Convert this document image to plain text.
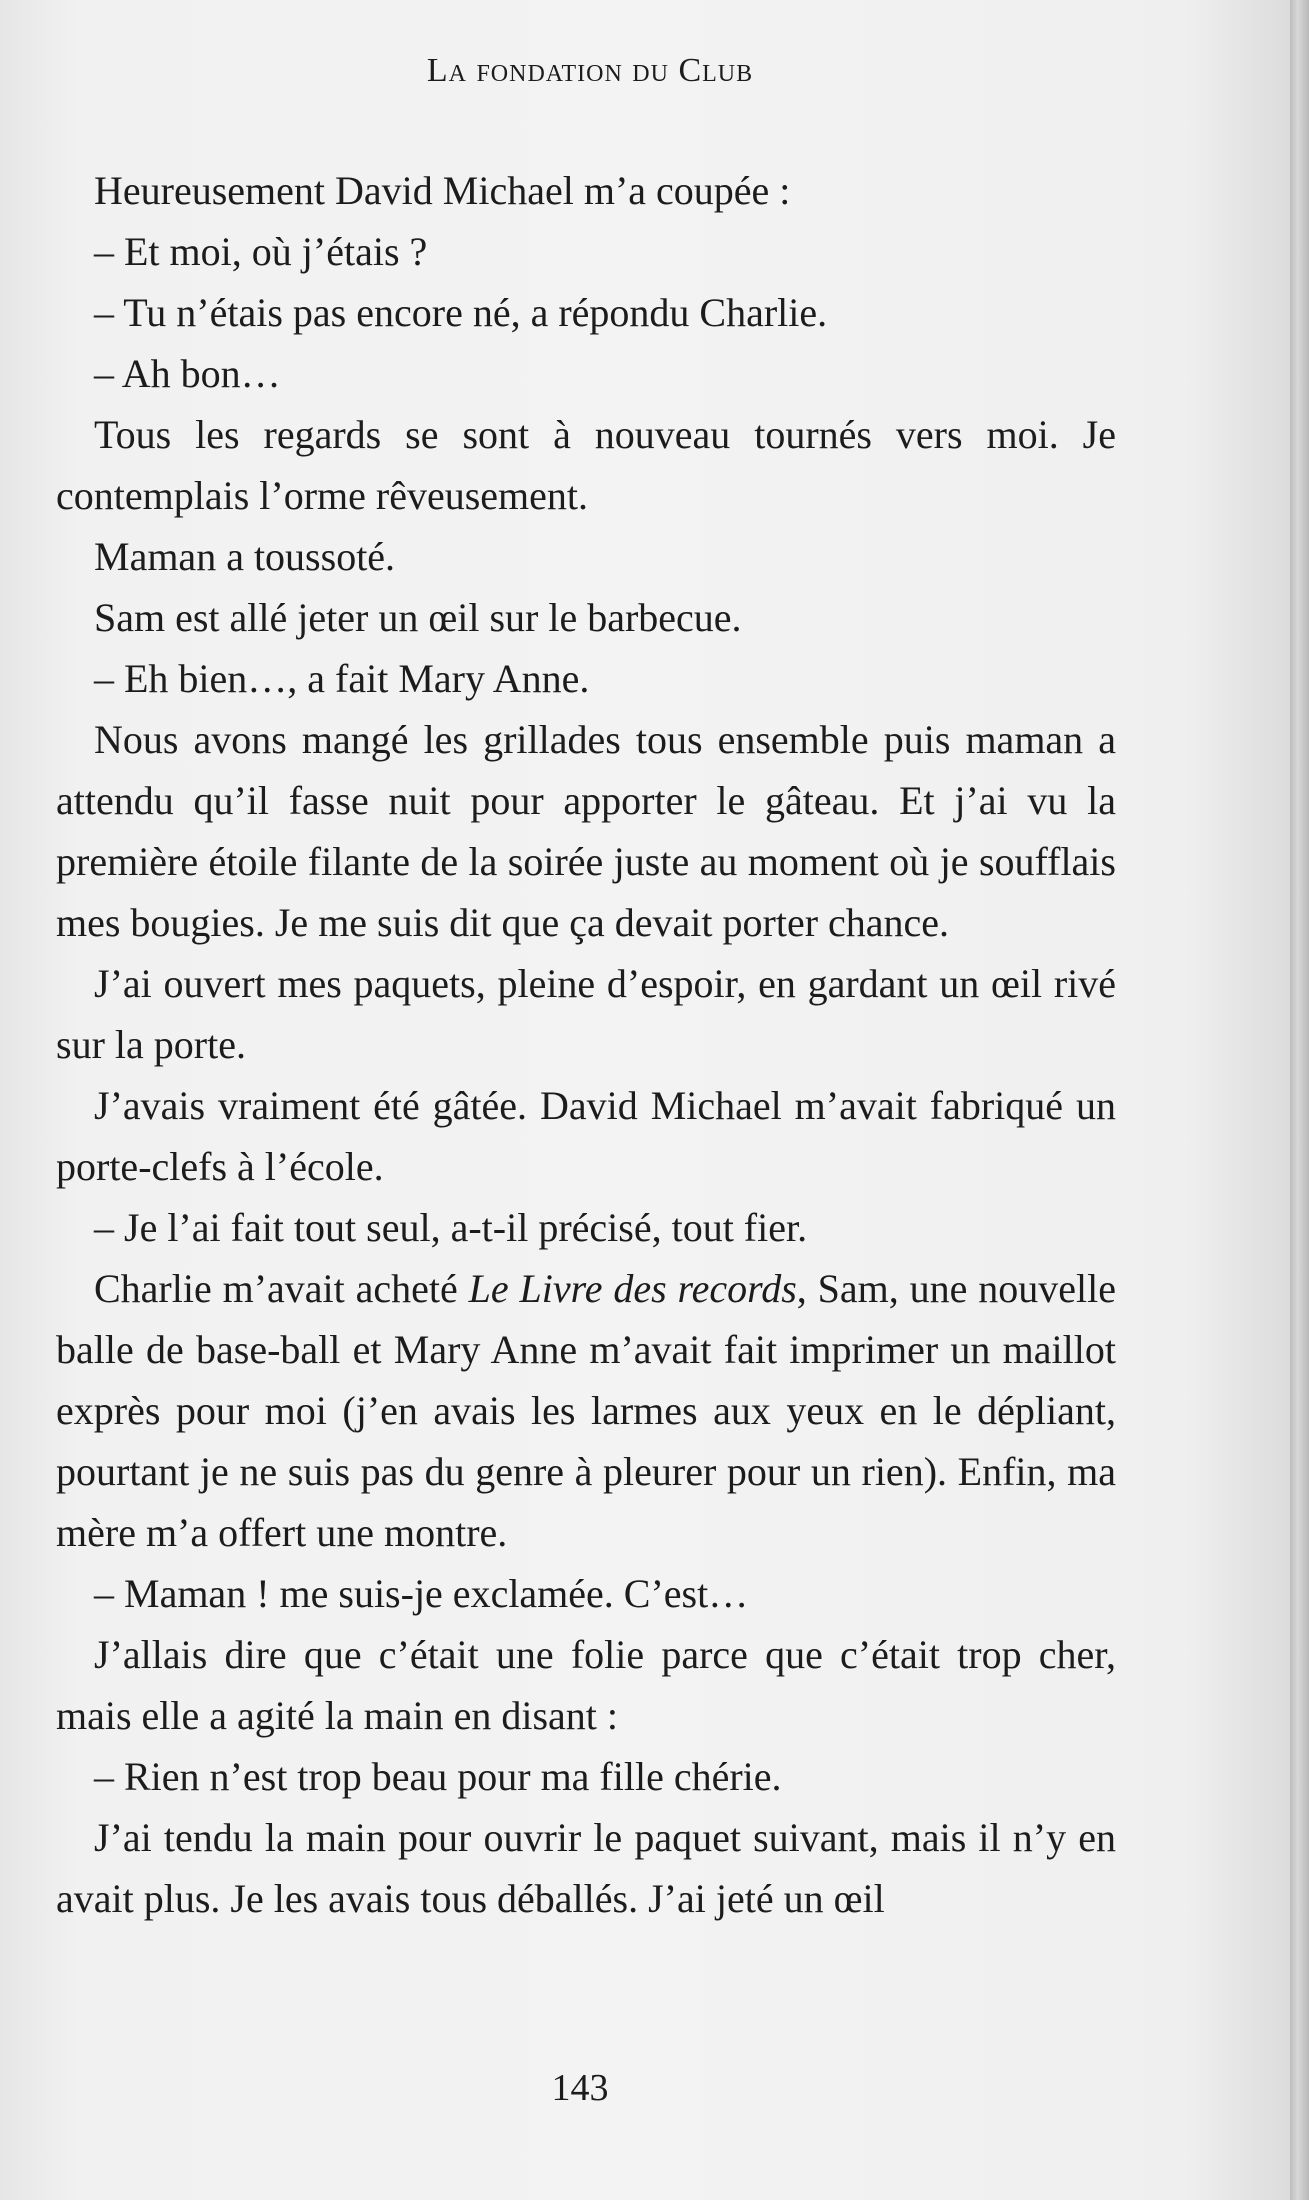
La fondation du Club

Heureusement David Michael m’a coupée :

– Et moi, où j’étais ?

– Tu n’étais pas encore né, a répondu Charlie.

– Ah bon…

Tous les regards se sont à nouveau tournés vers moi. Je contemplais l’orme rêveusement.

Maman a toussoté.

Sam est allé jeter un œil sur le barbecue.

– Eh bien…, a fait Mary Anne.

Nous avons mangé les grillades tous ensemble puis maman a attendu qu’il fasse nuit pour apporter le gâteau. Et j’ai vu la première étoile filante de la soirée juste au moment où je soufflais mes bougies. Je me suis dit que ça devait porter chance.

J’ai ouvert mes paquets, pleine d’espoir, en gardant un œil rivé sur la porte.

J’avais vraiment été gâtée. David Michael m’avait fabriqué un porte-clefs à l’école.

– Je l’ai fait tout seul, a-t-il précisé, tout fier.

Charlie m’avait acheté Le Livre des records, Sam, une nouvelle balle de base-ball et Mary Anne m’avait fait imprimer un maillot exprès pour moi (j’en avais les larmes aux yeux en le dépliant, pourtant je ne suis pas du genre à pleurer pour un rien). Enfin, ma mère m’a offert une montre.

– Maman ! me suis-je exclamée. C’est…

J’allais dire que c’était une folie parce que c’était trop cher, mais elle a agité la main en disant :

– Rien n’est trop beau pour ma fille chérie.

J’ai tendu la main pour ouvrir le paquet suivant, mais il n’y en avait plus. Je les avais tous déballés. J’ai jeté un œil

143
